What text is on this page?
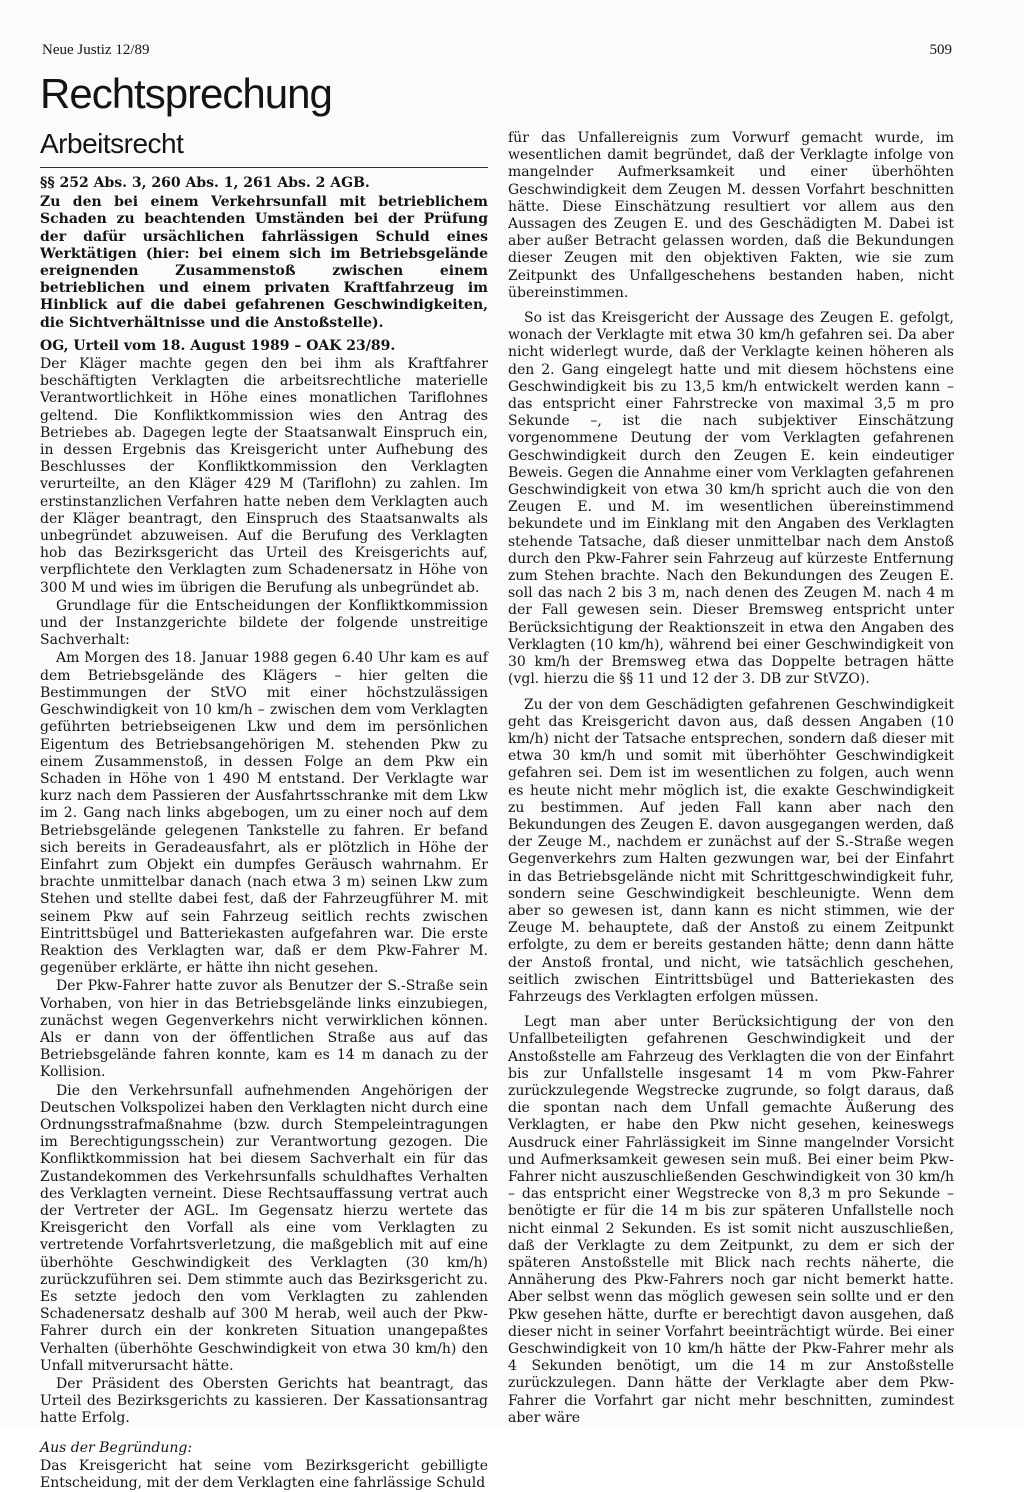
Neue Justiz 12/89	509
Rechtsprechung
Arbeitsrecht

§§ 252 Abs. 3, 260 Abs. 1, 261 Abs. 2 AGB.

Zu den bei einem Verkehrsunfall mit betrieblichem Schaden zu beachtenden Umständen bei der Prüfung der dafür ursächlichen fahrlässigen Schuld eines Werktätigen (hier: bei einem sich im Betriebsgelände ereignenden Zusammenstoß zwischen einem betrieblichen und einem privaten Kraftfahrzeug im Hinblick auf die dabei gefahrenen Geschwindigkeiten, die Sichtverhältnisse und die Anstoßstelle).

OG, Urteil vom 18. August 1989 – OAK 23/89.

Der Kläger machte gegen den bei ihm als Kraftfahrer beschäftigten Verklagten die arbeitsrechtliche materielle Verantwortlichkeit in Höhe eines monatlichen Tariflohnes geltend. Die Konfliktkommission wies den Antrag des Betriebes ab. Dagegen legte der Staatsanwalt Einspruch ein, in dessen Ergebnis das Kreisgericht unter Aufhebung des Beschlusses der Konfliktkommission den Verklagten verurteilte, an den Kläger 429 M (Tariflohn) zu zahlen. Im erstinstanzlichen Verfahren hatte neben dem Verklagten auch der Kläger beantragt, den Einspruch des Staatsanwalts als unbegründet abzuweisen. Auf die Berufung des Verklagten hob das Bezirksgericht das Urteil des Kreisgerichts auf, verpflichtete den Verklagten zum Schadenersatz in Höhe von 300 M und wies im übrigen die Berufung als unbegründet ab.

Grundlage für die Entscheidungen der Konfliktkommission und der Instanzgerichte bildete der folgende unstreitige Sachverhalt:

Am Morgen des 18. Januar 1988 gegen 6.40 Uhr kam es auf dem Betriebsgelände des Klägers – hier gelten die Bestimmungen der StVO mit einer höchstzulässigen Geschwindigkeit von 10 km/h – zwischen dem vom Verklagten geführten betriebseigenen Lkw und dem im persönlichen Eigentum des Betriebsangehörigen M. stehenden Pkw zu einem Zusammenstoß, in dessen Folge an dem Pkw ein Schaden in Höhe von 1 490 M entstand. Der Verklagte war kurz nach dem Passieren der Ausfahrtsschranke mit dem Lkw im 2. Gang nach links abgebogen, um zu einer noch auf dem Betriebsgelände gelegenen Tankstelle zu fahren. Er befand sich bereits in Geradeausfahrt, als er plötzlich in Höhe der Einfahrt zum Objekt ein dumpfes Geräusch wahrnahm. Er brachte unmittelbar danach (nach etwa 3 m) seinen Lkw zum Stehen und stellte dabei fest, daß der Fahrzeugführer M. mit seinem Pkw auf sein Fahrzeug seitlich rechts zwischen Eintrittsbügel und Batteriekasten aufgefahren war. Die erste Reaktion des Verklagten war, daß er dem Pkw-Fahrer M. gegenüber erklärte, er hätte ihn nicht gesehen.

Der Pkw-Fahrer hatte zuvor als Benutzer der S.-Straße sein Vorhaben, von hier in das Betriebsgelände links einzubiegen, zunächst wegen Gegenverkehrs nicht verwirklichen können. Als er dann von der öffentlichen Straße aus auf das Betriebsgelände fahren konnte, kam es 14 m danach zu der Kollision.

Die den Verkehrsunfall aufnehmenden Angehörigen der Deutschen Volkspolizei haben den Verklagten nicht durch eine Ordnungsstrafmaßnahme (bzw. durch Stempeleintragungen im Berechtigungsschein) zur Verantwortung gezogen. Die Konfliktkommission hat bei diesem Sachverhalt ein für das Zustandekommen des Verkehrsunfalls schuldhaftes Verhalten des Verklagten verneint. Diese Rechtsauffassung vertrat auch der Vertreter der AGL. Im Gegensatz hierzu wertete das Kreisgericht den Vorfall als eine vom Verklagten zu vertretende Vorfahrtsverletzung, die maßgeblich mit auf eine überhöhte Geschwindigkeit des Verklagten (30 km/h) zurückzuführen sei. Dem stimmte auch das Bezirksgericht zu. Es setzte jedoch den vom Verklagten zu zahlenden Schadenersatz deshalb auf 300 M herab, weil auch der Pkw-Fahrer durch ein der konkreten Situation unangepaßtes Verhalten (überhöhte Geschwindigkeit von etwa 30 km/h) den Unfall mitverursacht hätte.

Der Präsident des Obersten Gerichts hat beantragt, das Urteil des Bezirksgerichts zu kassieren. Der Kassationsantrag hatte Erfolg.

Aus der Begründung:

Das Kreisgericht hat seine vom Bezirksgericht gebilligte Entscheidung, mit der dem Verklagten eine fahrlässige Schuld

für das Unfallereignis zum Vorwurf gemacht wurde, im wesentlichen damit begründet, daß der Verklagte infolge von mangelnder Aufmerksamkeit und einer überhöhten Geschwindigkeit dem Zeugen M. dessen Vorfahrt beschnitten hätte. Diese Einschätzung resultiert vor allem aus den Aussagen des Zeugen E. und des Geschädigten M. Dabei ist aber außer Betracht gelassen worden, daß die Bekundungen dieser Zeugen mit den objektiven Fakten, wie sie zum Zeitpunkt des Unfallgeschehens bestanden haben, nicht übereinstimmen.

So ist das Kreisgericht der Aussage des Zeugen E. gefolgt, wonach der Verklagte mit etwa 30 km/h gefahren sei. Da aber nicht widerlegt wurde, daß der Verklagte keinen höheren als den 2. Gang eingelegt hatte und mit diesem höchstens eine Geschwindigkeit bis zu 13,5 km/h entwickelt werden kann – das entspricht einer Fahrstrecke von maximal 3,5 m pro Sekunde –, ist die nach subjektiver Einschätzung vorgenommene Deutung der vom Verklagten gefahrenen Geschwindigkeit durch den Zeugen E. kein eindeutiger Beweis. Gegen die Annahme einer vom Verklagten gefahrenen Geschwindigkeit von etwa 30 km/h spricht auch die von den Zeugen E. und M. im wesentlichen übereinstimmend bekundete und im Einklang mit den Angaben des Verklagten stehende Tatsache, daß dieser unmittelbar nach dem Anstoß durch den Pkw-Fahrer sein Fahrzeug auf kürzeste Entfernung zum Stehen brachte. Nach den Bekundungen des Zeugen E. soll das nach 2 bis 3 m, nach denen des Zeugen M. nach 4 m der Fall gewesen sein. Dieser Bremsweg entspricht unter Berücksichtigung der Reaktionszeit in etwa den Angaben des Verklagten (10 km/h), während bei einer Geschwindigkeit von 30 km/h der Bremsweg etwa das Doppelte betragen hätte (vgl. hierzu die §§ 11 und 12 der 3. DB zur StVZO).

Zu der von dem Geschädigten gefahrenen Geschwindigkeit geht das Kreisgericht davon aus, daß dessen Angaben (10 km/h) nicht der Tatsache entsprechen, sondern daß dieser mit etwa 30 km/h und somit mit überhöhter Geschwindigkeit gefahren sei. Dem ist im wesentlichen zu folgen, auch wenn es heute nicht mehr möglich ist, die exakte Geschwindigkeit zu bestimmen. Auf jeden Fall kann aber nach den Bekundungen des Zeugen E. davon ausgegangen werden, daß der Zeuge M., nachdem er zunächst auf der S.-Straße wegen Gegenverkehrs zum Halten gezwungen war, bei der Einfahrt in das Betriebsgelände nicht mit Schrittgeschwindigkeit fuhr, sondern seine Geschwindigkeit beschleunigte. Wenn dem aber so gewesen ist, dann kann es nicht stimmen, wie der Zeuge M. behauptete, daß der Anstoß zu einem Zeitpunkt erfolgte, zu dem er bereits gestanden hätte; denn dann hätte der Anstoß frontal, und nicht, wie tatsächlich geschehen, seitlich zwischen Eintrittsbügel und Batteriekasten des Fahrzeugs des Verklagten erfolgen müssen.

Legt man aber unter Berücksichtigung der von den Unfallbeteiligten gefahrenen Geschwindigkeit und der Anstoßstelle am Fahrzeug des Verklagten die von der Einfahrt bis zur Unfallstelle insgesamt 14 m vom Pkw-Fahrer zurückzulegende Wegstrecke zugrunde, so folgt daraus, daß die spontan nach dem Unfall gemachte Äußerung des Verklagten, er habe den Pkw nicht gesehen, keineswegs Ausdruck einer Fahrlässigkeit im Sinne mangelnder Vorsicht und Aufmerksamkeit gewesen sein muß. Bei einer beim Pkw-Fahrer nicht auszuschließenden Geschwindigkeit von 30 km/h – das entspricht einer Wegstrecke von 8,3 m pro Sekunde – benötigte er für die 14 m bis zur späteren Unfallstelle noch nicht einmal 2 Sekunden. Es ist somit nicht auszuschließen, daß der Verklagte zu dem Zeitpunkt, zu dem er sich der späteren Anstoßstelle mit Blick nach rechts näherte, die Annäherung des Pkw-Fahrers noch gar nicht bemerkt hatte. Aber selbst wenn das möglich gewesen sein sollte und er den Pkw gesehen hätte, durfte er berechtigt davon ausgehen, daß dieser nicht in seiner Vorfahrt beeinträchtigt würde. Bei einer Geschwindigkeit von 10 km/h hätte der Pkw-Fahrer mehr als 4 Sekunden benötigt, um die 14 m zur Anstoßstelle zurückzulegen. Dann hätte der Verklagte aber dem Pkw-Fahrer die Vorfahrt gar nicht mehr beschnitten, zumindest aber wäre
